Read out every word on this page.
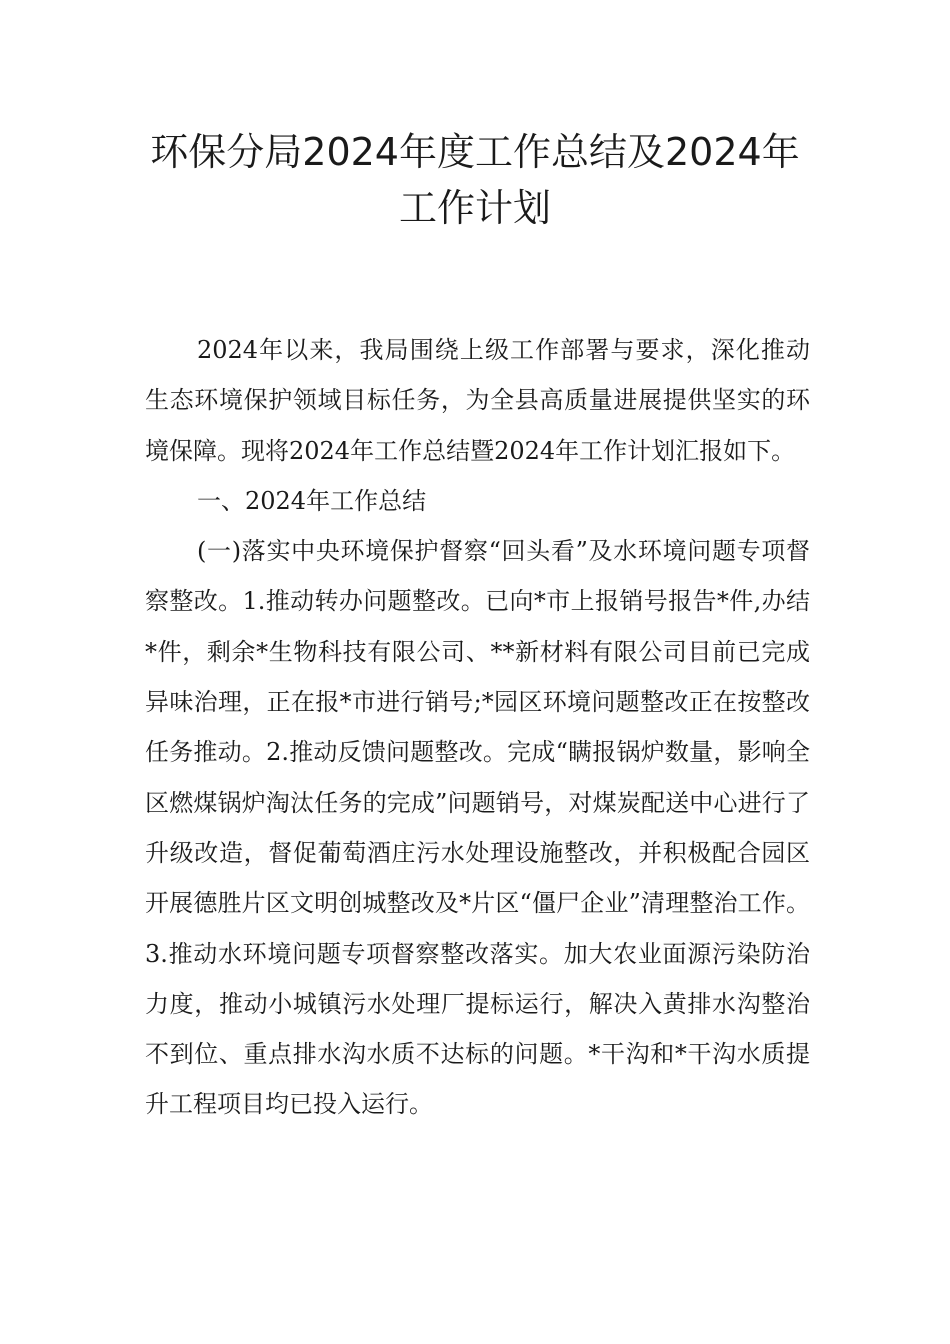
环保分局2024年度工作总结及2024年
工作计划

2024年以来，我局围绕上级工作部署与要求，深化推动生态环境保护领域目标任务，为全县高质量进展提供坚实的环境保障。现将2024年工作总结暨2024年工作计划汇报如下。

一、2024年工作总结

(一)落实中央环境保护督察“回头看”及水环境问题专项督察整改。1.推动转办问题整改。已向*市上报销号报告*件,办结*件，剩余*生物科技有限公司、**新材料有限公司目前已完成异味治理，正在报*市进行销号;*园区环境问题整改正在按整改任务推动。2.推动反馈问题整改。完成“瞒报锅炉数量，影响全区燃煤锅炉淘汰任务的完成”问题销号，对煤炭配送中心进行了升级改造，督促葡萄酒庄污水处理设施整改，并积极配合园区开展德胜片区文明创城整改及*片区“僵尸企业”清理整治工作。3.推动水环境问题专项督察整改落实。加大农业面源污染防治力度，推动小城镇污水处理厂提标运行，解决入黄排水沟整治不到位、重点排水沟水质不达标的问题。*干沟和*干沟水质提升工程项目均已投入运行。
